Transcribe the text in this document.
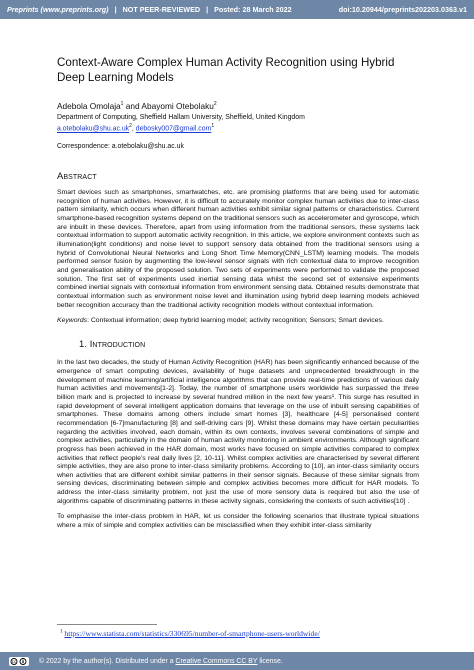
Preprints (www.preprints.org) | NOT PEER-REVIEWED | Posted: 28 March 2022	doi:10.20944/preprints202203.0363.v1
Context-Aware Complex Human Activity Recognition using Hybrid Deep Learning Models
Adebola Omolaja$^1$ and Abayomi Otebolaku$^2$
Department of Computing, Sheffield Hallam University, Sheffield, United Kingdom
$a.otebolaku@shu.ac.uk^2$, debosky007@gmail.com$^1$
Correspondence: a.otebolaku@shu.ac.uk
Abstract

Smart devices such as smartphones, smartwatches, etc. are promising platforms that are being used for automatic recognition of human activities. However, it is difficult to accurately monitor complex human activities due to inter-class pattern similarity, which occurs when different human activities exhibit similar signal patterns or characteristics. Current smartphone-based recognition systems depend on the traditional sensors such as accelerometer and gyroscope, which are inbuilt in these devices. Therefore, apart from using information from the traditional sensors, these systems lack contextual information to support automatic activity recognition. In this article, we explore environment contexts such as illumination(light conditions) and noise level to support sensory data obtained from the traditional sensors using a hybrid of Convolutional Neural Networks and Long Short Time Memory(CNN_LSTM) learning models. The models performed sensor fusion by augmenting the low-level sensor signals with rich contextual data to improve recognition and generalisation ability of the proposed solution. Two sets of experiments were performed to validate the proposed solution. The first set of experiments used inertial sensing data whilst the second set of extensive experiments combined inertial signals with contextual information from environment sensing data. Obtained results demonstrate that contextual information such as environment noise level and illumination using hybrid deep learning models achieved better recognition accuracy than the traditional activity recognition models without contextual information.

Keywords: Contextual information; deep hybrid learning model; activity recognition; Sensors; Smart devices.
1. Introduction

In the last two decades, the study of Human Activity Recognition (HAR) has been significantly enhanced because of the emergence of smart computing devices, availability of huge datasets and unprecedented breakthrough in the development of machine learning/artificial intelligence algorithms that can provide real-time predictions of various daily human activities and movements[1-2]. Today, the number of smartphone users worldwide has surpassed the three billion mark and is projected to increase by several hundred million in the next few years¹. This surge has resulted in rapid development of several intelligent application domains that leverage on the use of inbuilt sensing capabilities of smartphones. These domains among others include smart homes [3], healthcare [4-5] personalised content recommendation [6-7]manufacturing [8] and self-driving cars [9]. Whilst these domains may have certain peculiarities regarding the activities involved, each domain, within its own contexts, involves several combinations of simple and complex activities, particularly in the domain of human activity monitoring in ambient environments. Although significant progress has been achieved in the HAR domain, most works have focused on simple activities compared to complex activities that reflect people’s real daily lives [2, 10-11]. Whilst complex activities are characterised by several different simple activities, they are also prone to inter-class similarity problems. According to [10], an inter-class similarity occurs when activities that are different exhibit similar patterns in their sensor signals. Because of these similar signals from sensing devices, discriminating between simple and complex activities becomes more difficult for HAR models. To address the inter-class similarity problem, not just the use of more sensory data is required but also the use of algorithms capable of discriminating patterns in these activity signals, considering the contexts of such activities[10] .

To emphasise the inter-class problem in HAR, let us consider the following scenarios that illustrate typical situations where a mix of simple and complex activities can be misclassified when they exhibit inter-class similarity

$^1$ https://www.statista.com/statistics/330695/number-of-smartphone-users-worldwide/
cc	© 2022 by the author(s). Distributed under a Creative Commons CC BY license.
